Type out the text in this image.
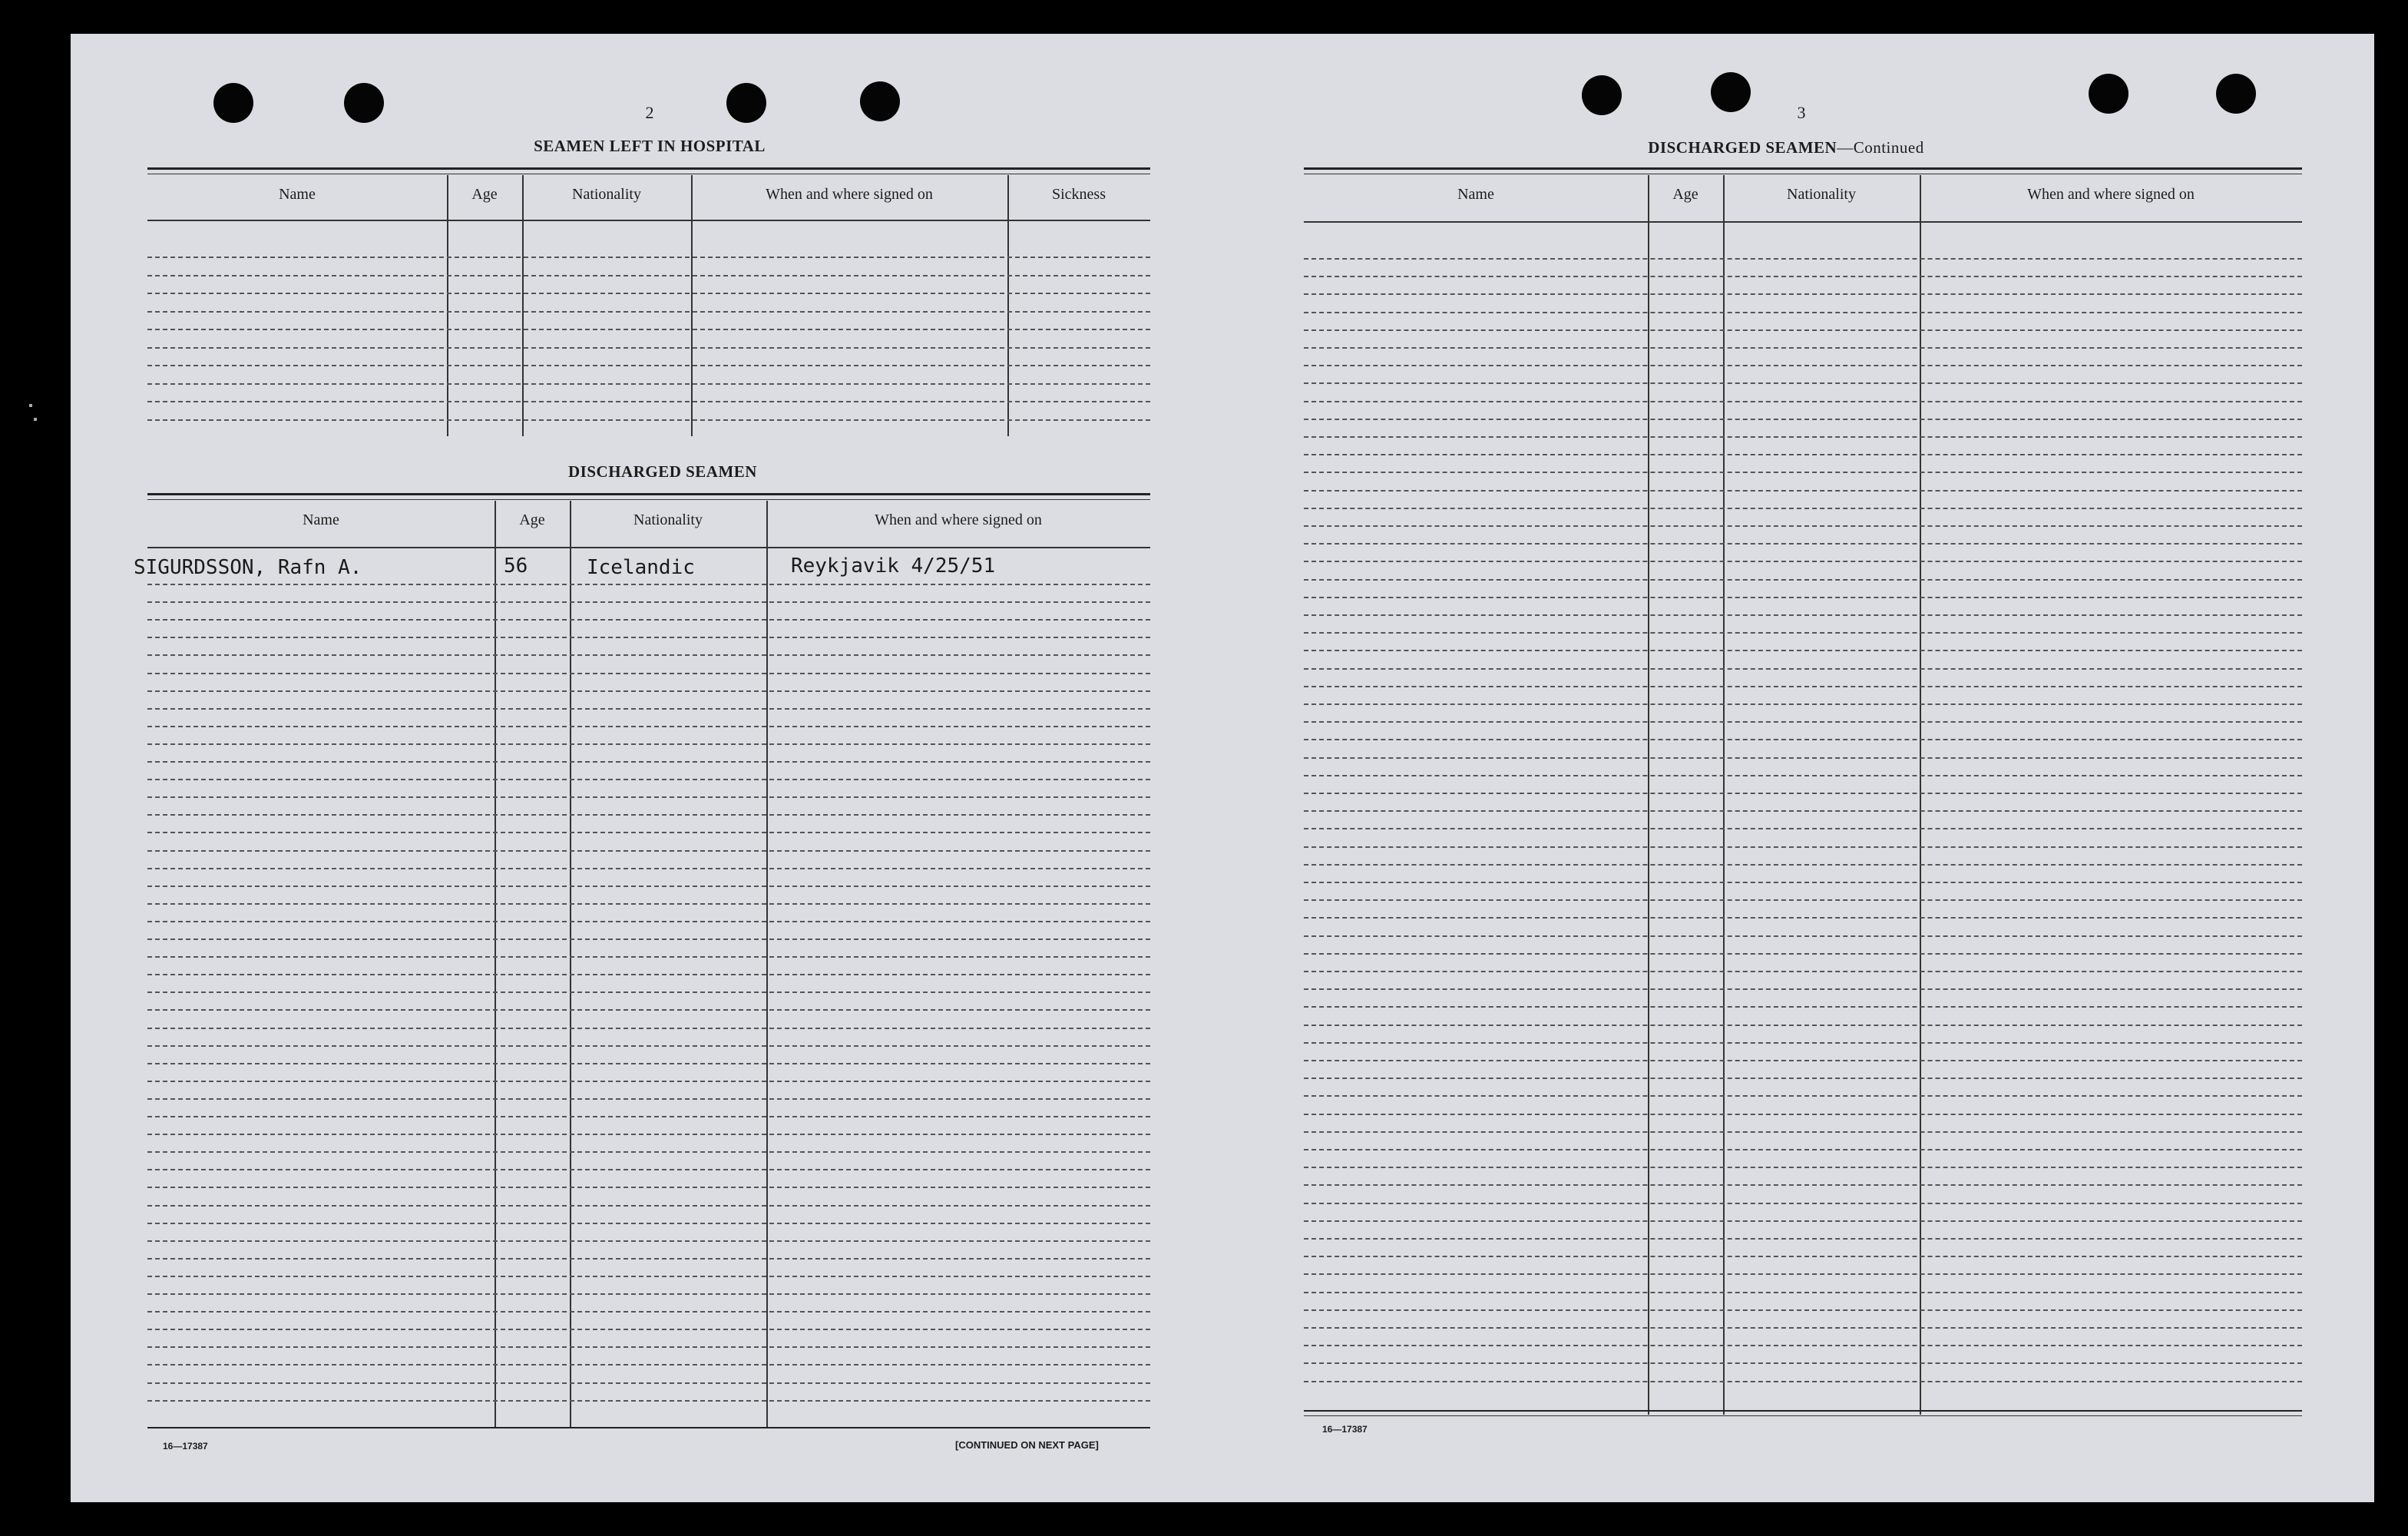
2
SEAMEN LEFT IN HOSPITAL
Name	Age	Nationality	When and where signed on	Sickness
DISCHARGED SEAMEN
Name	Age	Nationality	When and where signed on
SIGURDSSON, Rafn A.	56	Icelandic	Reykjavik 4/25/51
16—17387	[CONTINUED ON NEXT PAGE]
3
DISCHARGED SEAMEN—Continued
Name	Age	Nationality	When and where signed on
16—17387
